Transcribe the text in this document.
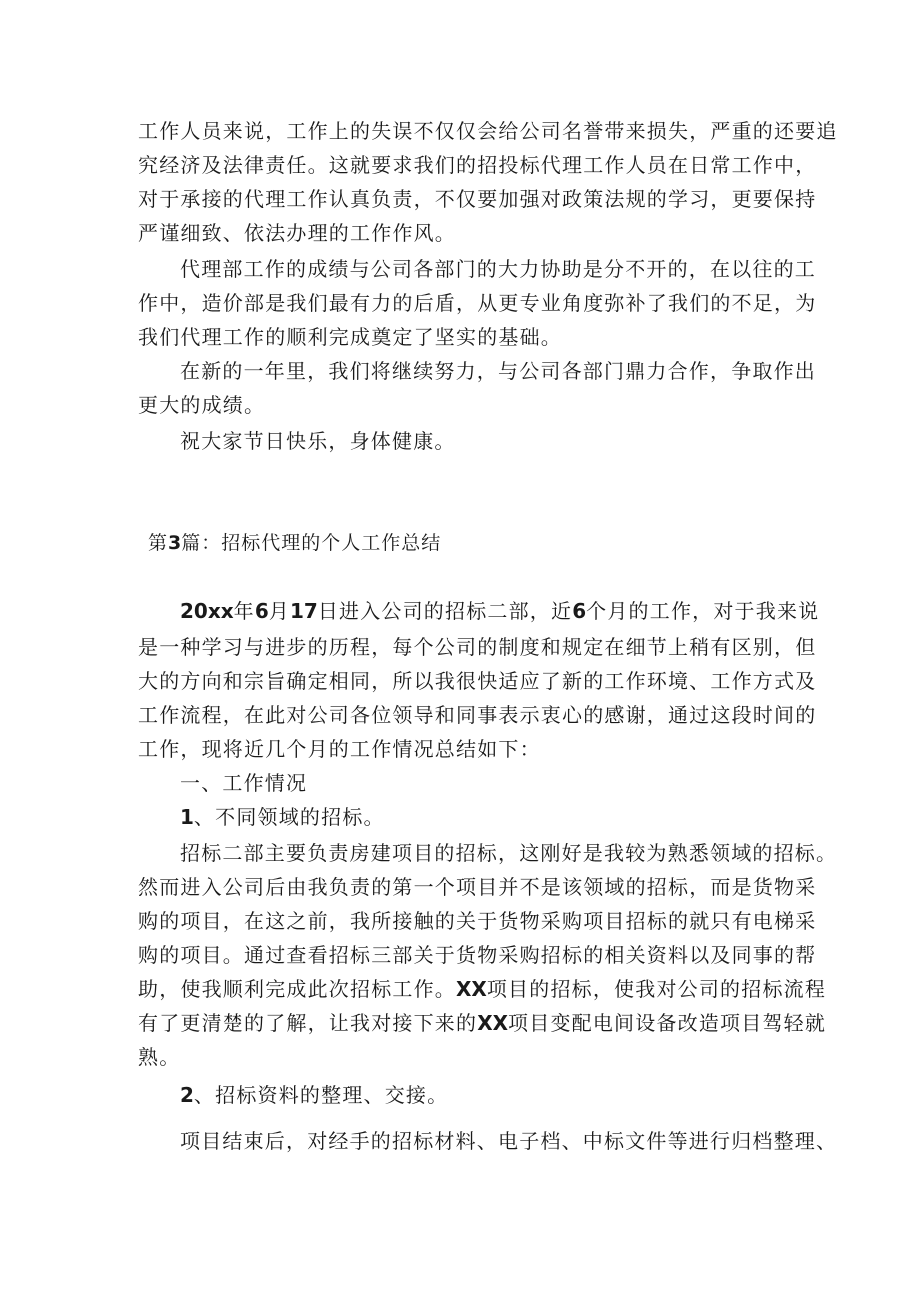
工作人员来说，工作上的失误不仅仅会给公司名誉带来损失，严重的还要追

究经济及法律责任。这就要求我们的招投标代理工作人员在日常工作中，

对于承接的代理工作认真负责，不仅要加强对政策法规的学习，更要保持

严谨细致、依法办理的工作作风。

代理部工作的成绩与公司各部门的大力协助是分不开的，在以往的工

作中，造价部是我们最有力的后盾，从更专业角度弥补了我们的不足，为

我们代理工作的顺利完成奠定了坚实的基础。

在新的一年里，我们将继续努力，与公司各部门鼎力合作，争取作出

更大的成绩。

祝大家节日快乐，身体健康。

第3篇：招标代理的个人工作总结

20xx年6月17日进入公司的招标二部，近6个月的工作，对于我来说

是一种学习与进步的历程，每个公司的制度和规定在细节上稍有区别，但

大的方向和宗旨确定相同，所以我很快适应了新的工作环境、工作方式及

工作流程，在此对公司各位领导和同事表示衷心的感谢，通过这段时间的

工作，现将近几个月的工作情况总结如下：

一、工作情况

1、不同领域的招标。

招标二部主要负责房建项目的招标，这刚好是我较为熟悉领域的招标。

然而进入公司后由我负责的第一个项目并不是该领域的招标，而是货物采

购的项目，在这之前，我所接触的关于货物采购项目招标的就只有电梯采

购的项目。通过查看招标三部关于货物采购招标的相关资料以及同事的帮

助，使我顺利完成此次招标工作。XX项目的招标，使我对公司的招标流程

有了更清楚的了解，让我对接下来的XX项目变配电间设备改造项目驾轻就

熟。

2、招标资料的整理、交接。

项目结束后，对经手的招标材料、电子档、中标文件等进行归档整理、
